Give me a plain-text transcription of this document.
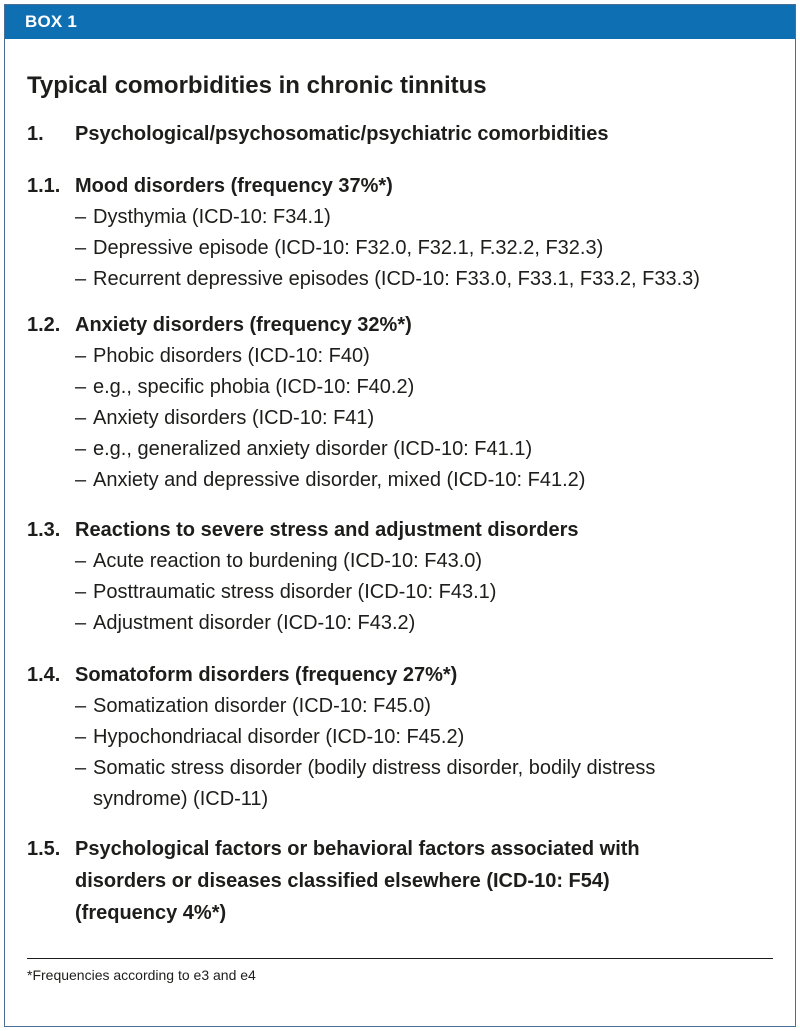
BOX 1
Typical comorbidities in chronic tinnitus
1.	Psychological/psychosomatic/psychiatric comorbidities
1.1. Mood disorders (frequency 37%*)
– Dysthymia (ICD-10: F34.1)
– Depressive episode (ICD-10: F32.0, F32.1, F.32.2, F32.3)
– Recurrent depressive episodes (ICD-10: F33.0, F33.1, F33.2, F33.3)
1.2. Anxiety disorders (frequency 32%*)
– Phobic disorders (ICD-10: F40)
– e.g., specific phobia (ICD-10: F40.2)
– Anxiety disorders (ICD-10: F41)
– e.g., generalized anxiety disorder (ICD-10: F41.1)
– Anxiety and depressive disorder, mixed (ICD-10: F41.2)
1.3. Reactions to severe stress and adjustment disorders
– Acute reaction to burdening (ICD-10: F43.0)
– Posttraumatic stress disorder (ICD-10: F43.1)
– Adjustment disorder (ICD-10: F43.2)
1.4. Somatoform disorders (frequency 27%*)
– Somatization disorder (ICD-10: F45.0)
– Hypochondriacal disorder (ICD-10: F45.2)
– Somatic stress disorder (bodily distress disorder, bodily distress syndrome) (ICD-11)
1.5. Psychological factors or behavioral factors associated with disorders or diseases classified elsewhere (ICD-10: F54) (frequency 4%*)
*Frequencies according to e3 and e4
